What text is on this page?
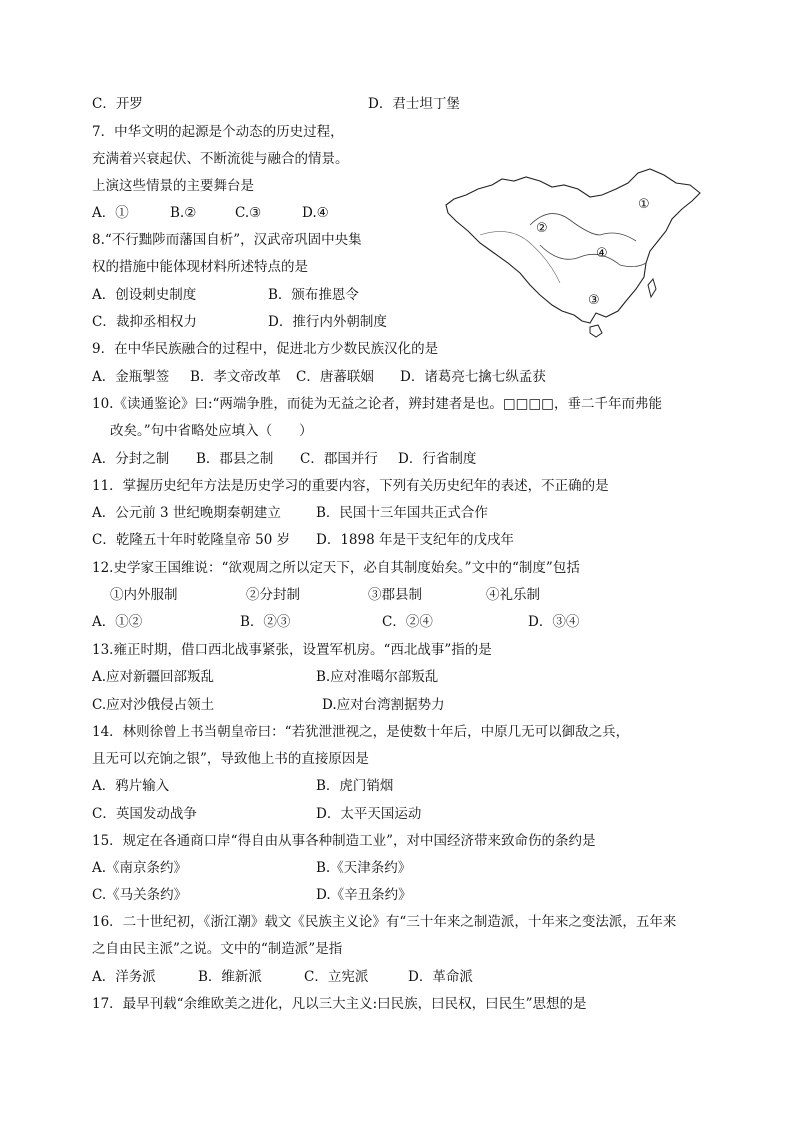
C．开罗	D．君士坦丁堡
7．中华文明的起源是个动态的历史过程，
充满着兴衰起伏、不断流徙与融合的情景。
上演这些情景的主要舞台是
A．①	B.②	C.③	D.④
①
②
③
④
8.“不行黜陟而藩国自析”，汉武帝巩固中央集
权的措施中能体现材料所述特点的是
A．创设刺史制度	B．颁布推恩令
C．裁抑丞相权力	D．推行内外朝制度
9．在中华民族融合的过程中，促进北方少数民族汉化的是
A．金瓶掣签 B．孝文帝改革 C．唐蕃联姻 D．诸葛亮七擒七纵孟获
10.《读通鉴论》曰:“两端争胜，而徒为无益之论者，辨封建者是也。□□□□，垂二千年而弗能
改矣。”句中省略处应填入（　　）
A．分封之制 B．郡县之制 C．郡国并行 D．行省制度
11．掌握历史纪年方法是历史学习的重要内容，下列有关历史纪年的表述，不正确的是
A．公元前 3 世纪晚期秦朝建立	B．民国十三年国共正式合作
C．乾隆五十年时乾隆皇帝 50 岁 D．1898 年是干支纪年的戊戌年
12.史学家王国维说：“欲观周之所以定天下，必自其制度始矣。”文中的“制度”包括
①内外服制	②分封制	③郡县制	④礼乐制
A．①②	B．②③	C．②④	D．③④
13.雍正时期，借口西北战事紧张，设置军机房。“西北战事”指的是
A.应对新疆回部叛乱	B.应对准噶尔部叛乱
C.应对沙俄侵占领土	D.应对台湾割据势力
14．林则徐曾上书当朝皇帝曰：“若犹泄泄视之，是使数十年后，中原几无可以御敌之兵，
且无可以充饷之银”，导致他上书的直接原因是
A．鸦片输入	B．虎门销烟
C．英国发动战争	D．太平天国运动
15．规定在各通商口岸“得自由从事各种制造工业”，对中国经济带来致命伤的条约是
A.《南京条约》	B.《天津条约》
C.《马关条约》	D.《辛丑条约》
16．二十世纪初，《浙江潮》载文《民族主义论》有“三十年来之制造派，十年来之变法派，五年来
之自由民主派”之说。文中的“制造派”是指
A．洋务派	B．维新派	C．立宪派	D．革命派
17．最早刊载“余维欧美之进化，凡以三大主义:曰民族，曰民权，曰民生”思想的是
